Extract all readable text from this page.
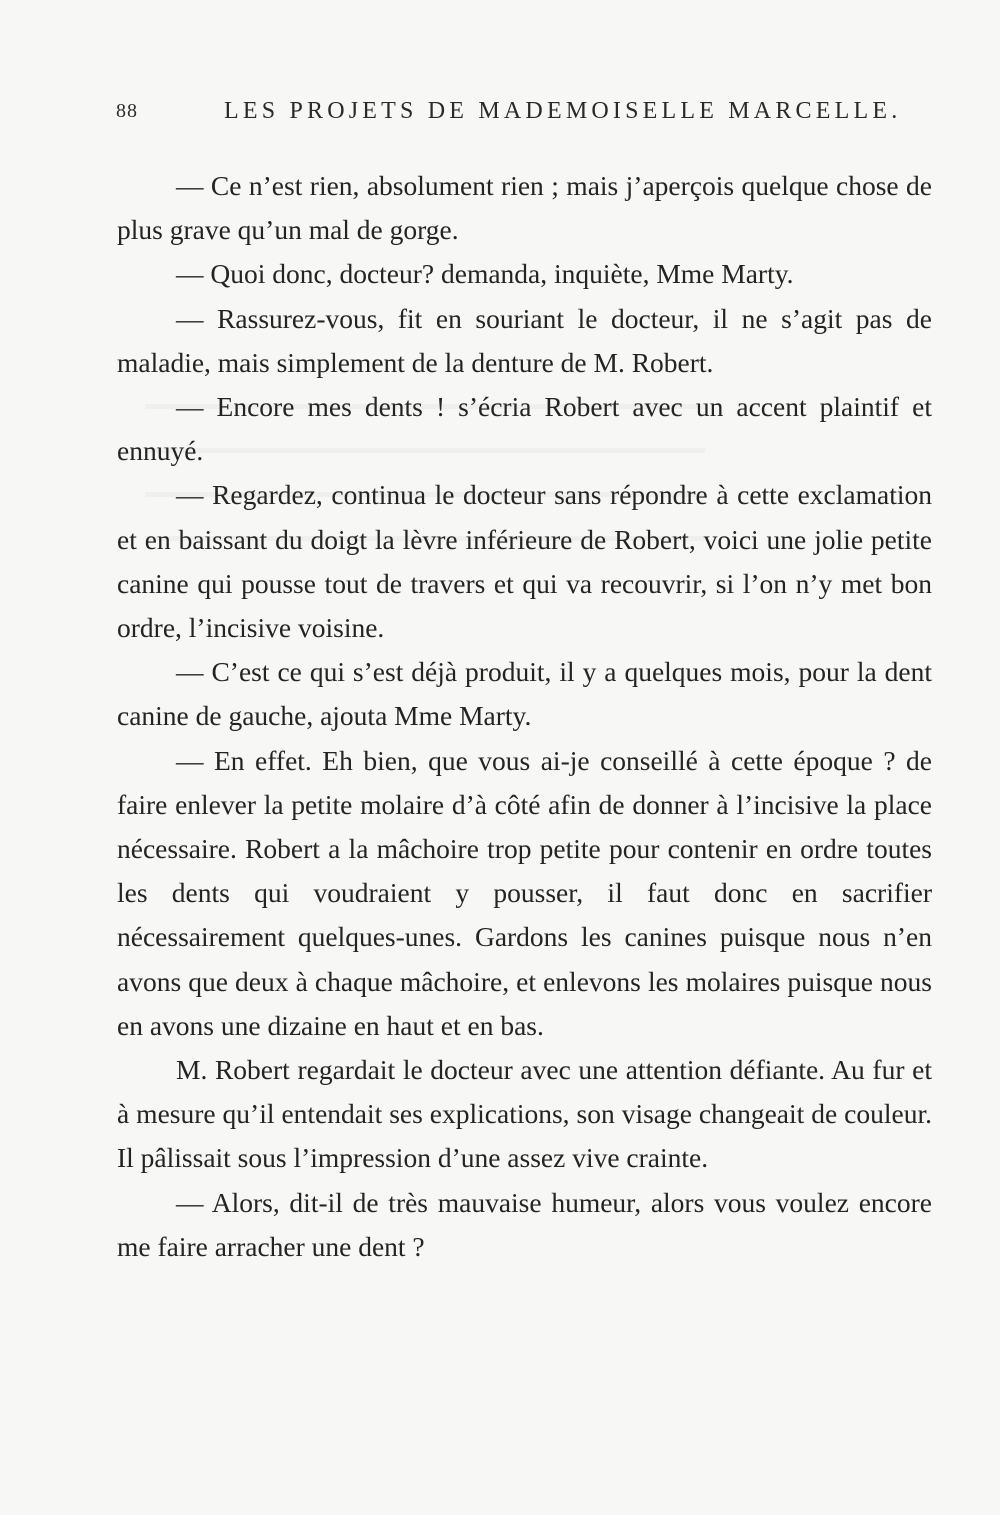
88	LES PROJETS DE MADEMOISELLE MARCELLE.

— Ce n’est rien, absolument rien ; mais j’aperçois quelque chose de plus grave qu’un mal de gorge.

— Quoi donc, docteur? demanda, inquiète, Mme Marty.

— Rassurez-vous, fit en souriant le docteur, il ne s’agit pas de maladie, mais simplement de la denture de M. Robert.

— Encore mes dents ! s’écria Robert avec un accent plaintif et ennuyé.

— Regardez, continua le docteur sans répondre à cette exclamation et en baissant du doigt la lèvre inférieure de Robert, voici une jolie petite canine qui pousse tout de travers et qui va recouvrir, si l’on n’y met bon ordre, l’incisive voisine.

— C’est ce qui s’est déjà produit, il y a quelques mois, pour la dent canine de gauche, ajouta Mme Marty.

— En effet. Eh bien, que vous ai-je conseillé à cette époque ? de faire enlever la petite molaire d’à côté afin de donner à l’incisive la place nécessaire. Robert a la mâchoire trop petite pour contenir en ordre toutes les dents qui voudraient y pousser, il faut donc en sacrifier nécessairement quelques-unes. Gardons les canines puisque nous n’en avons que deux à chaque mâchoire, et enlevons les molaires puisque nous en avons une dizaine en haut et en bas.

M. Robert regardait le docteur avec une attention défiante. Au fur et à mesure qu’il entendait ses explications, son visage changeait de couleur. Il pâlissait sous l’impression d’une assez vive crainte.

— Alors, dit-il de très mauvaise humeur, alors vous voulez encore me faire arracher une dent ?
